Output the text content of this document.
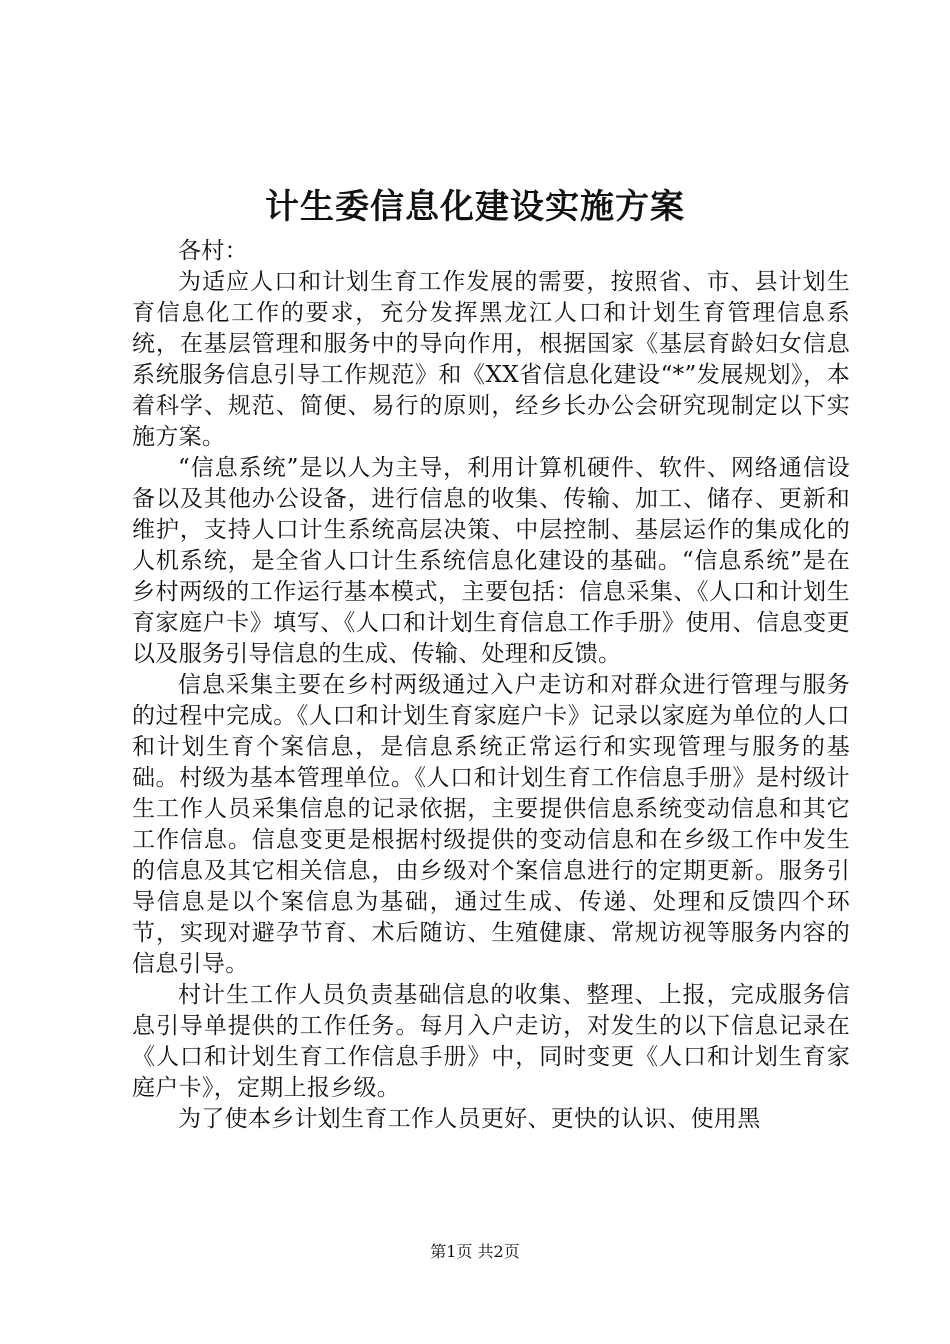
计生委信息化建设实施方案

各村：

为适应人口和计划生育工作发展的需要，按照省、市、县计划生育信息化工作的要求，充分发挥黑龙江人口和计划生育管理信息系统，在基层管理和服务中的导向作用，根据国家《基层育龄妇女信息系统服务信息引导工作规范》和《XX省信息化建设“*”发展规划》，本着科学、规范、简便、易行的原则，经乡长办公会研究现制定以下实施方案。

“信息系统”是以人为主导，利用计算机硬件、软件、网络通信设备以及其他办公设备，进行信息的收集、传输、加工、储存、更新和维护，支持人口计生系统高层决策、中层控制、基层运作的集成化的人机系统，是全省人口计生系统信息化建设的基础。“信息系统”是在乡村两级的工作运行基本模式，主要包括：信息采集、《人口和计划生育家庭户卡》填写、《人口和计划生育信息工作手册》使用、信息变更以及服务引导信息的生成、传输、处理和反馈。

信息采集主要在乡村两级通过入户走访和对群众进行管理与服务的过程中完成。《人口和计划生育家庭户卡》记录以家庭为单位的人口和计划生育个案信息，是信息系统正常运行和实现管理与服务的基础。村级为基本管理单位。《人口和计划生育工作信息手册》是村级计生工作人员采集信息的记录依据，主要提供信息系统变动信息和其它工作信息。信息变更是根据村级提供的变动信息和在乡级工作中发生的信息及其它相关信息，由乡级对个案信息进行的定期更新。服务引导信息是以个案信息为基础，通过生成、传递、处理和反馈四个环节，实现对避孕节育、术后随访、生殖健康、常规访视等服务内容的信息引导。

村计生工作人员负责基础信息的收集、整理、上报，完成服务信息引导单提供的工作任务。每月入户走访，对发生的以下信息记录在《人口和计划生育工作信息手册》中，同时变更《人口和计划生育家庭户卡》，定期上报乡级。

为了使本乡计划生育工作人员更好、更快的认识、使用黑

第1页 共2页
